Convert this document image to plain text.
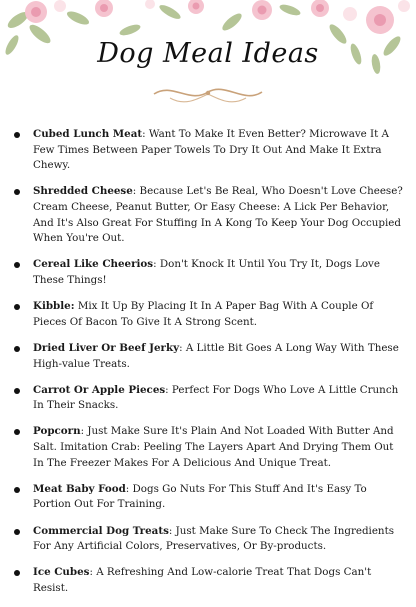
Dog Meal Ideas
Cubed Lunch Meat: Want To Make It Even Better? Microwave It A Few Times Between Paper Towels To Dry It Out And Make It Extra Chewy.
Shredded Cheese: Because Let's Be Real, Who Doesn't Love Cheese? Cream Cheese, Peanut Butter, Or Easy Cheese: A Lick Per Behavior, And It's Also Great For Stuffing In A Kong To Keep Your Dog Occupied When You're Out.
Cereal Like Cheerios: Don't Knock It Until You Try It, Dogs Love These Things!
Kibble: Mix It Up By Placing It In A Paper Bag With A Couple Of Pieces Of Bacon To Give It A Strong Scent.
Dried Liver Or Beef Jerky: A Little Bit Goes A Long Way With These High-value Treats.
Carrot Or Apple Pieces: Perfect For Dogs Who Love A Little Crunch In Their Snacks.
Popcorn: Just Make Sure It's Plain And Not Loaded With Butter And Salt. Imitation Crab: Peeling The Layers Apart And Drying Them Out In The Freezer Makes For A Delicious And Unique Treat.
Meat Baby Food: Dogs Go Nuts For This Stuff And It's Easy To Portion Out For Training.
Commercial Dog Treats: Just Make Sure To Check The Ingredients For Any Artificial Colors, Preservatives, Or By-products.
Ice Cubes: A Refreshing And Low-calorie Treat That Dogs Can't Resist.
